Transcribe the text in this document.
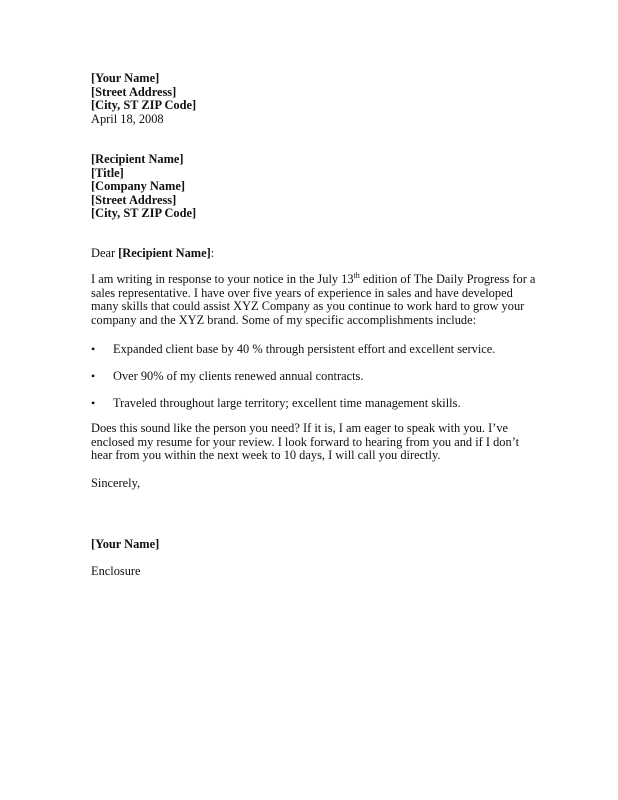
[Your Name]
[Street Address]
[City, ST ZIP Code]
April 18, 2008
[Recipient Name]
[Title]
[Company Name]
[Street Address]
[City, ST ZIP Code]
Dear [Recipient Name]:
I am writing in response to your notice in the July 13th edition of The Daily Progress for a
sales representative. I have over five years of experience in sales and have developed
many skills that could assist XYZ Company as you continue to work hard to grow your
company and the XYZ brand. Some of my specific accomplishments include:
• Expanded client base by 40 % through persistent effort and excellent service.
• Over 90% of my clients renewed annual contracts.
• Traveled throughout large territory; excellent time management skills.
Does this sound like the person you need? If it is, I am eager to speak with you. I’ve
enclosed my resume for your review. I look forward to hearing from you and if I don’t
hear from you within the next week to 10 days, I will call you directly.
Sincerely,
[Your Name]
Enclosure
